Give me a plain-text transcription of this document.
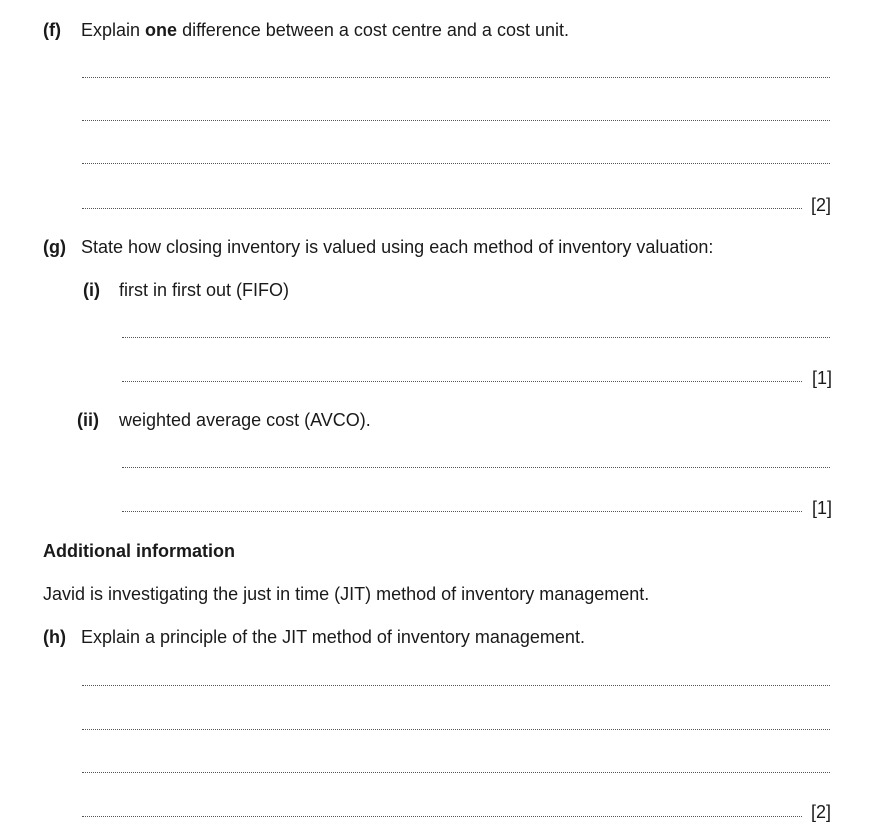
(f) Explain one difference between a cost centre and a cost unit.
[2]
(g) State how closing inventory is valued using each method of inventory valuation:
(i) first in first out (FIFO)
[1]
(ii) weighted average cost (AVCO).
[1]
Additional information
Javid is investigating the just in time (JIT) method of inventory management.
(h) Explain a principle of the JIT method of inventory management.
[2]
